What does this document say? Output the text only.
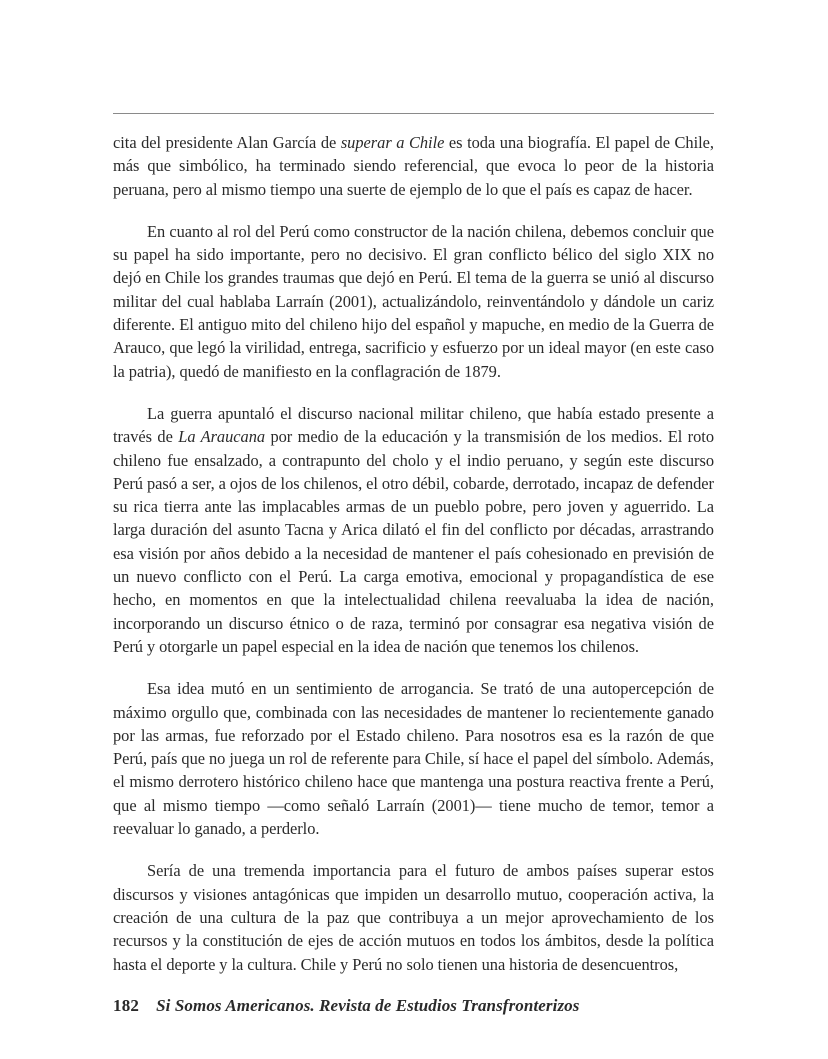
cita del presidente Alan García de superar a Chile es toda una biografía. El papel de Chile, más que simbólico, ha terminado siendo referencial, que evoca lo peor de la historia peruana, pero al mismo tiempo una suerte de ejemplo de lo que el país es capaz de hacer.

En cuanto al rol del Perú como constructor de la nación chilena, debemos concluir que su papel ha sido importante, pero no decisivo. El gran conflicto bélico del siglo XIX no dejó en Chile los grandes traumas que dejó en Perú. El tema de la guerra se unió al discurso militar del cual hablaba Larraín (2001), actualizándolo, reinventándolo y dándole un cariz diferente. El antiguo mito del chileno hijo del español y mapuche, en medio de la Guerra de Arauco, que legó la virilidad, entrega, sacrificio y esfuerzo por un ideal mayor (en este caso la patria), quedó de manifiesto en la conflagración de 1879.

La guerra apuntaló el discurso nacional militar chileno, que había estado presente a través de La Araucana por medio de la educación y la transmisión de los medios. El roto chileno fue ensalzado, a contrapunto del cholo y el indio peruano, y según este discurso Perú pasó a ser, a ojos de los chilenos, el otro débil, cobarde, derrotado, incapaz de defender su rica tierra ante las implacables armas de un pueblo pobre, pero joven y aguerrido. La larga duración del asunto Tacna y Arica dilató el fin del conflicto por décadas, arrastrando esa visión por años debido a la necesidad de mantener el país cohesionado en previsión de un nuevo conflicto con el Perú. La carga emotiva, emocional y propagandística de ese hecho, en momentos en que la intelectualidad chilena reevaluaba la idea de nación, incorporando un discurso étnico o de raza, terminó por consagrar esa negativa visión de Perú y otorgarle un papel especial en la idea de nación que tenemos los chilenos.

Esa idea mutó en un sentimiento de arrogancia. Se trató de una autopercepción de máximo orgullo que, combinada con las necesidades de mantener lo recientemente ganado por las armas, fue reforzado por el Estado chileno. Para nosotros esa es la razón de que Perú, país que no juega un rol de referente para Chile, sí hace el papel del símbolo. Además, el mismo derrotero histórico chileno hace que mantenga una postura reactiva frente a Perú, que al mismo tiempo —como señaló Larraín (2001)— tiene mucho de temor, temor a reevaluar lo ganado, a perderlo.

Sería de una tremenda importancia para el futuro de ambos países superar estos discursos y visiones antagónicas que impiden un desarrollo mutuo, cooperación activa, la creación de una cultura de la paz que contribuya a un mejor aprovechamiento de los recursos y la constitución de ejes de acción mutuos en todos los ámbitos, desde la política hasta el deporte y la cultura. Chile y Perú no solo tienen una historia de desencuentros,

182 Si Somos Americanos. Revista de Estudios Transfronterizos
